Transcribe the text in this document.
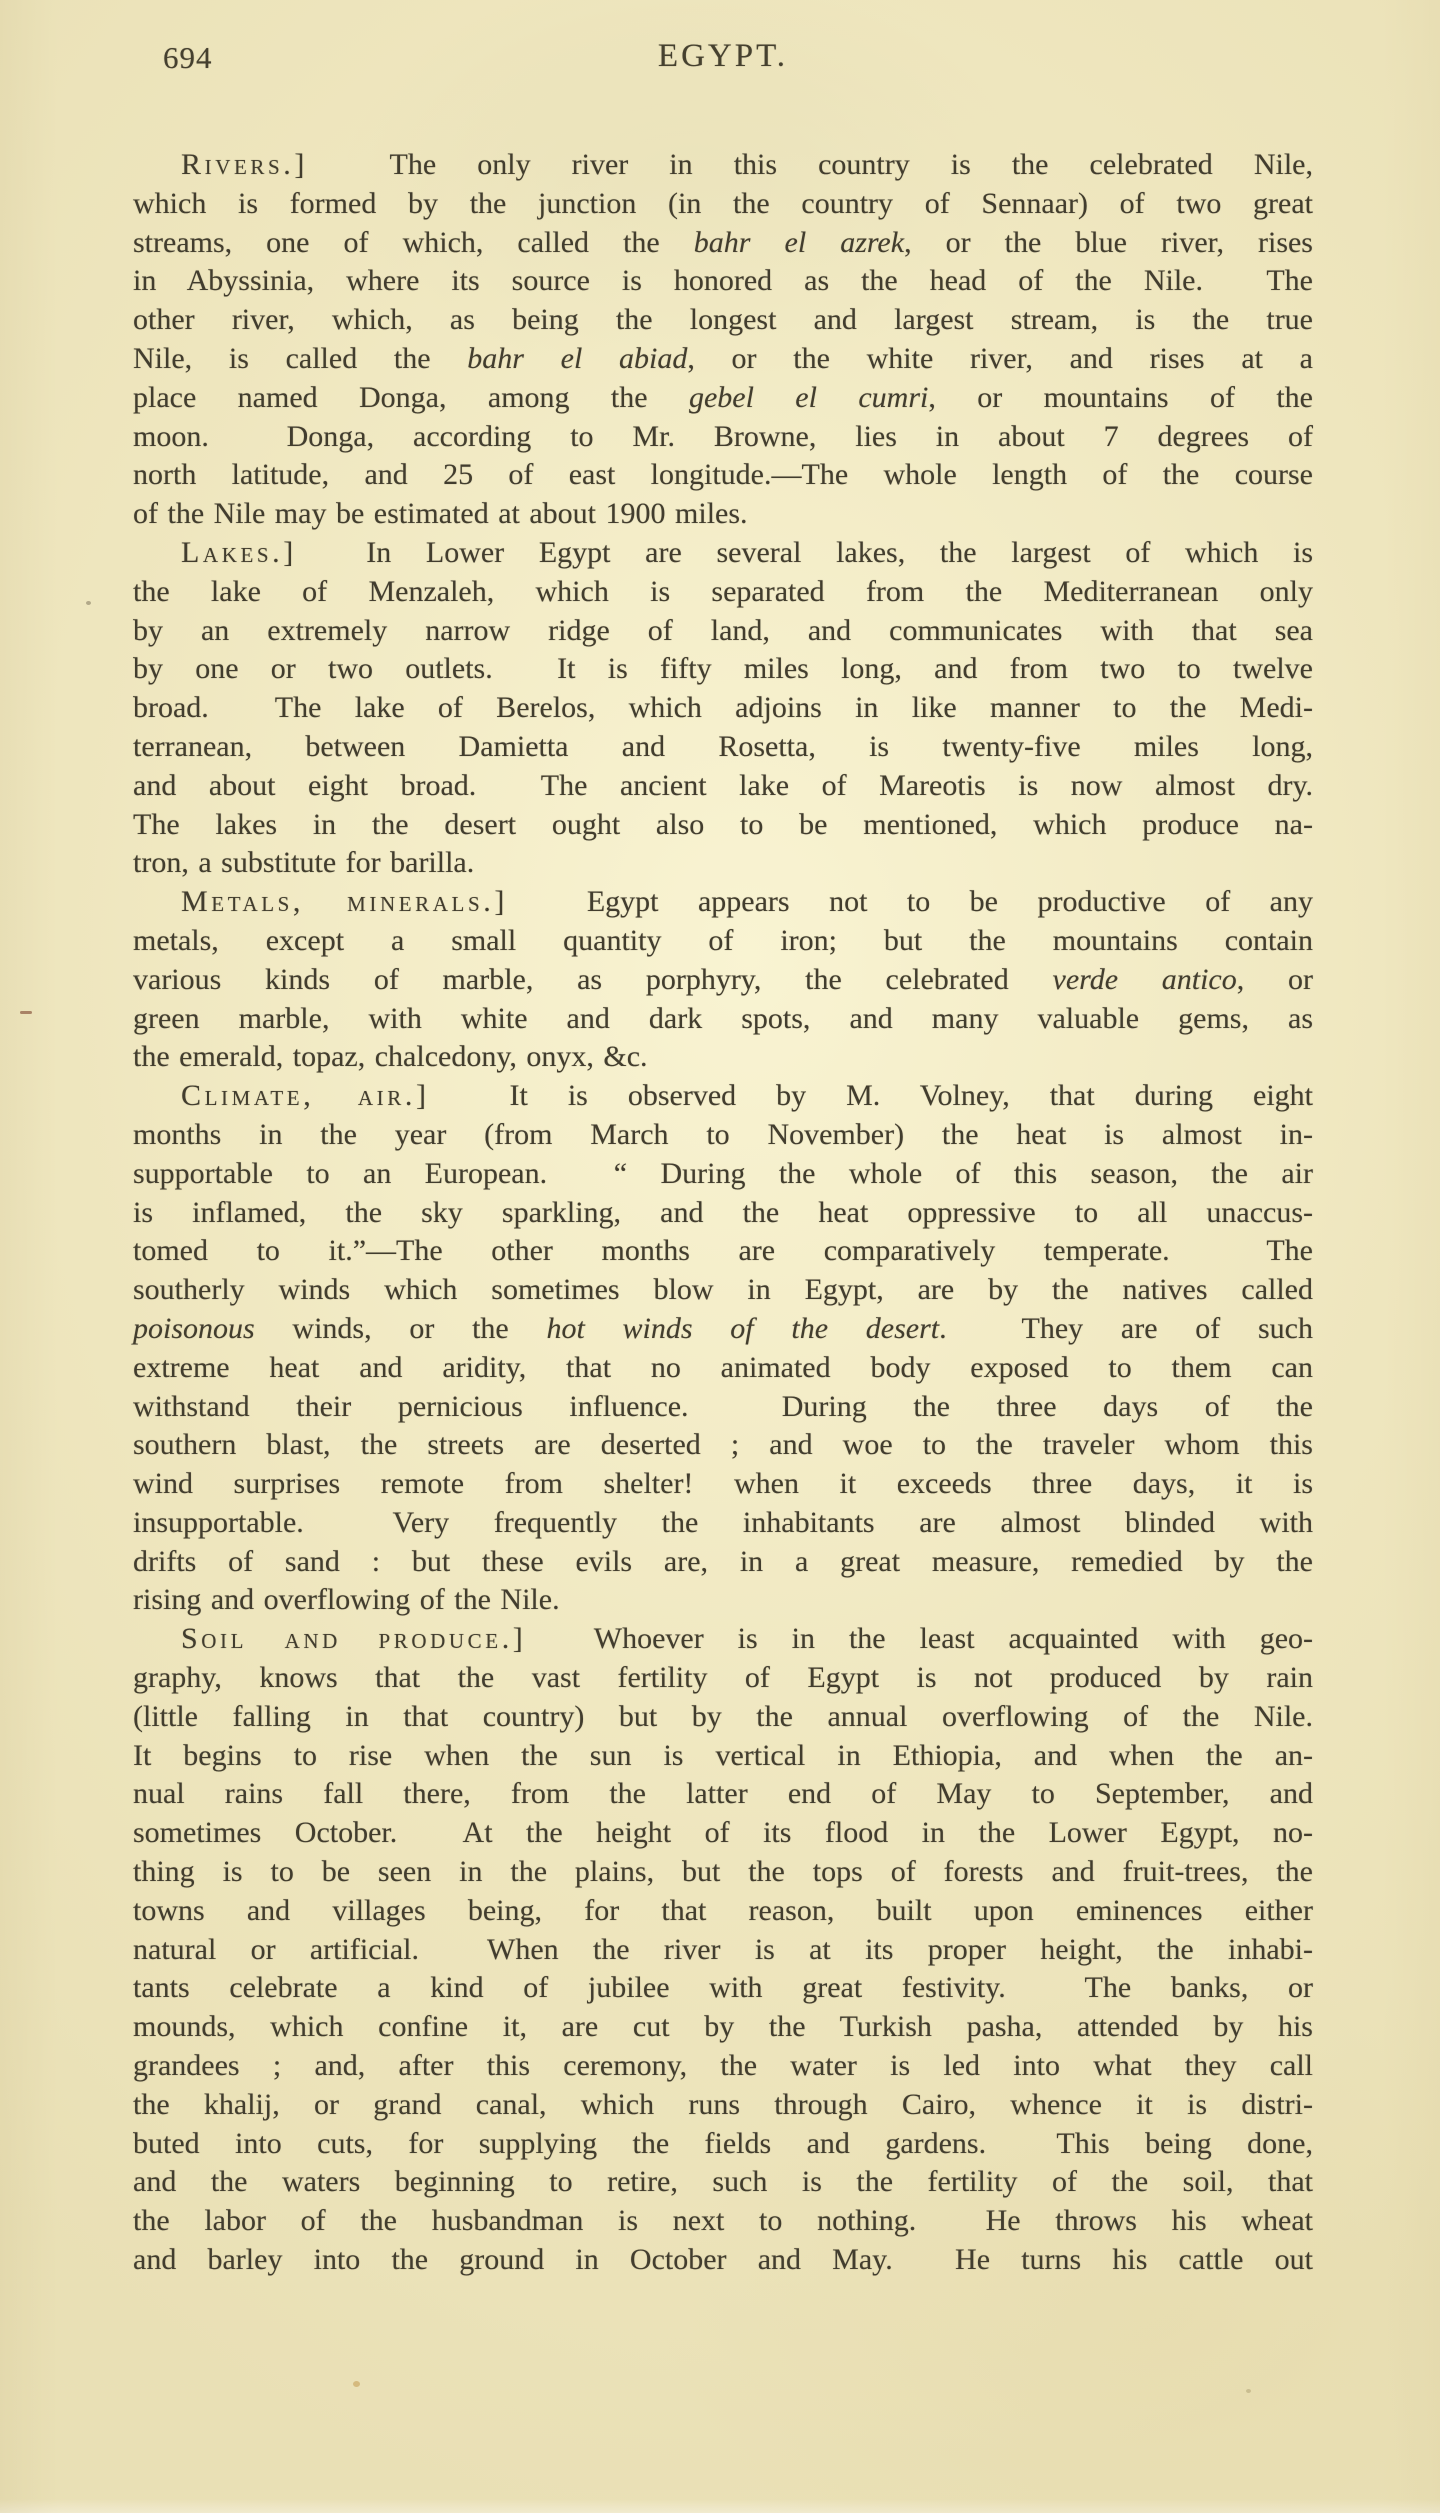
694	EGYPT.
Rivers.]  The only river in this country is the celebrated Nile,
which is formed by the junction (in the country of Sennaar) of two great
streams, one of which, called the bahr el azrek, or the blue river, rises
in Abyssinia, where its source is honored as the head of the Nile.  The
other river, which, as being the longest and largest stream, is the true
Nile, is called the bahr el abiad, or the white river, and rises at a
place named Donga, among the gebel el cumri, or mountains of the
moon.  Donga, according to Mr. Browne, lies in about 7 degrees of
north latitude, and 25 of east longitude.—The whole length of the course
of the Nile may be estimated at about 1900 miles.
Lakes.]  In Lower Egypt are several lakes, the largest of which is
the lake of Menzaleh, which is separated from the Mediterranean only
by an extremely narrow ridge of land, and communicates with that sea
by one or two outlets.  It is fifty miles long, and from two to twelve
broad.  The lake of Berelos, which adjoins in like manner to the Medi-
terranean, between Damietta and Rosetta, is twenty-five miles long,
and about eight broad.  The ancient lake of Mareotis is now almost dry.
The lakes in the desert ought also to be mentioned, which produce na-
tron, a substitute for barilla.
Metals, minerals.]  Egypt appears not to be productive of any
metals, except a small quantity of iron; but the mountains contain
various kinds of marble, as porphyry, the celebrated verde antico, or
green marble, with white and dark spots, and many valuable gems, as
the emerald, topaz, chalcedony, onyx, &c.
Climate, air.]  It is observed by M. Volney, that during eight
months in the year (from March to November) the heat is almost in-
supportable to an European.  “ During the whole of this season, the air
is inflamed, the sky sparkling, and the heat oppressive to all unaccus-
tomed to it.”—The other months are comparatively temperate.  The
southerly winds which sometimes blow in Egypt, are by the natives called
poisonous winds, or the hot winds of the desert.  They are of such
extreme heat and aridity, that no animated body exposed to them can
withstand their pernicious influence.  During the three days of the
southern blast, the streets are deserted ; and woe to the traveler whom this
wind surprises remote from shelter! when it exceeds three days, it is
insupportable.  Very frequently the inhabitants are almost blinded with
drifts of sand : but these evils are, in a great measure, remedied by the
rising and overflowing of the Nile.
Soil and produce.]  Whoever is in the least acquainted with geo-
graphy, knows that the vast fertility of Egypt is not produced by rain
(little falling in that country) but by the annual overflowing of the Nile.
It begins to rise when the sun is vertical in Ethiopia, and when the an-
nual rains fall there, from the latter end of May to September, and
sometimes October.  At the height of its flood in the Lower Egypt, no-
thing is to be seen in the plains, but the tops of forests and fruit-trees, the
towns and villages being, for that reason, built upon eminences either
natural or artificial.  When the river is at its proper height, the inhabi-
tants celebrate a kind of jubilee with great festivity.  The banks, or
mounds, which confine it, are cut by the Turkish pasha, attended by his
grandees ; and, after this ceremony, the water is led into what they call
the khalij, or grand canal, which runs through Cairo, whence it is distri-
buted into cuts, for supplying the fields and gardens.  This being done,
and the waters beginning to retire, such is the fertility of the soil, that
the labor of the husbandman is next to nothing.  He throws his wheat
and barley into the ground in October and May.  He turns his cattle out
